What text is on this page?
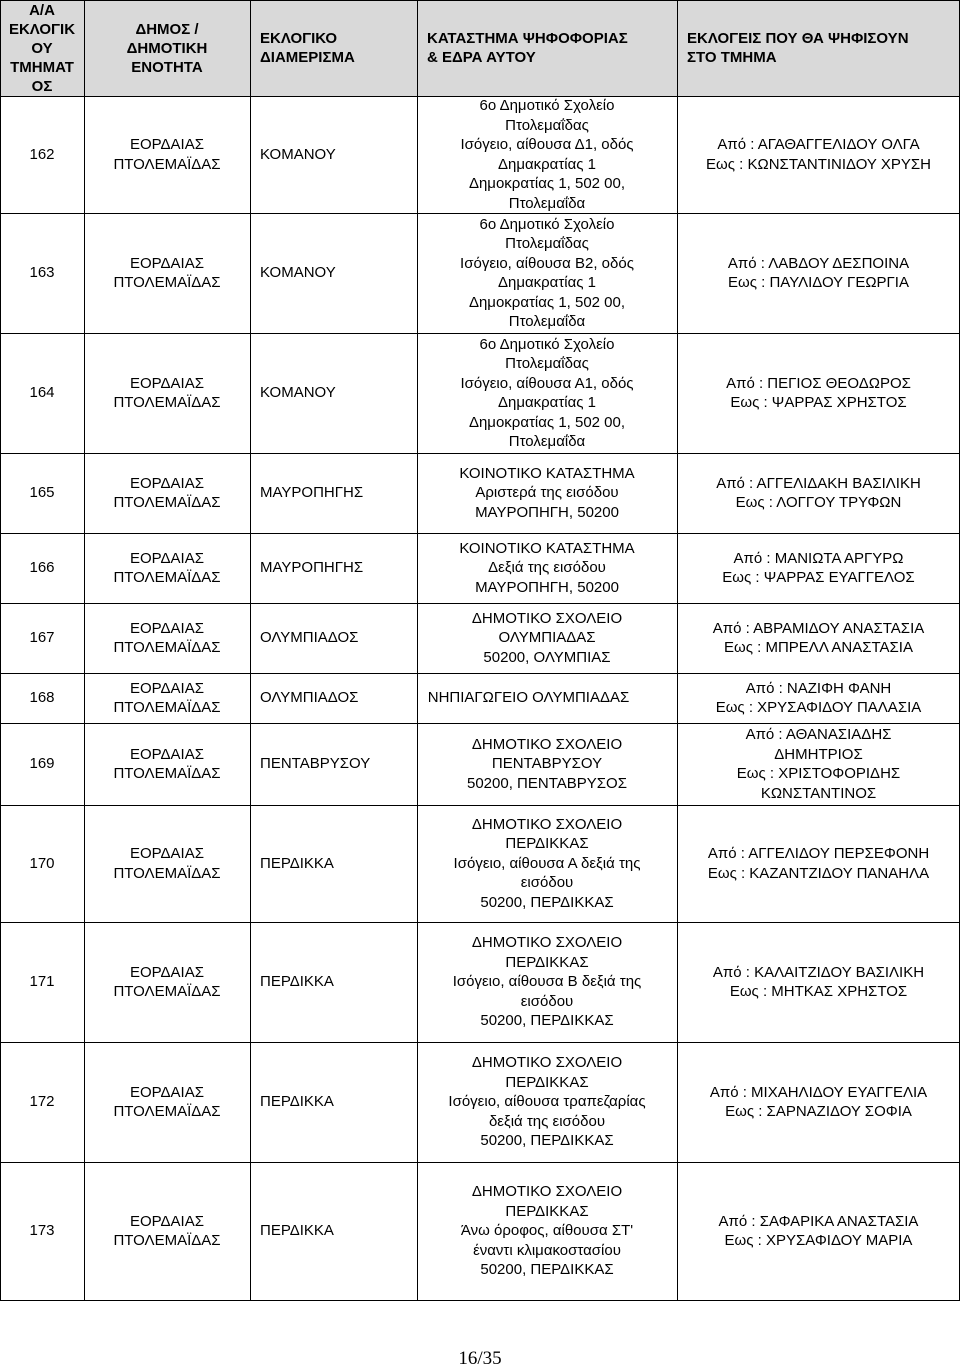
Α/Α
ΕΚΛΟΓΙΚ
ΟΥ
ΤΜΗΜΑΤ
ΟΣ
ΔΗΜΟΣ /
ΔΗΜΟΤΙΚΗ
ΕΝΟΤΗΤΑ
ΕΚΛΟΓΙΚΟ
ΔΙΑΜΕΡΙΣΜΑ
ΚΑΤΑΣΤΗΜΑ ΨΗΦΟΦΟΡΙΑΣ
& ΕΔΡΑ ΑΥΤΟΥ
ΕΚΛΟΓΕΙΣ ΠΟΥ ΘΑ ΨΗΦΙΣΟΥΝ
ΣΤΟ ΤΜΗΜΑ
162
ΕΟΡΔΑΙΑΣ
ΠΤΟΛΕΜΑΪΔΑΣ
ΚΟΜΑΝΟΥ
6ο Δημοτικό Σχολείο
Πτολεμαΐδας
Ισόγειο, αίθουσα Δ1, οδός
Δημακρατίας 1
Δημοκρατίας 1, 502 00,
Πτολεμαΐδα
Από : ΑΓΑΘΑΓΓΕΛΙΔΟΥ ΟΛΓΑ
Εως : ΚΩΝΣΤΑΝΤΙΝΙΔΟΥ ΧΡΥΣΗ
163
ΕΟΡΔΑΙΑΣ
ΠΤΟΛΕΜΑΪΔΑΣ
ΚΟΜΑΝΟΥ
6ο Δημοτικό Σχολείο
Πτολεμαΐδας
Ισόγειο, αίθουσα Β2, οδός
Δημακρατίας 1
Δημοκρατίας 1, 502 00,
Πτολεμαΐδα
Από : ΛΑΒΔΟΥ ΔΕΣΠΟΙΝΑ
Εως : ΠΑΥΛΙΔΟΥ ΓΕΩΡΓΙΑ
164
ΕΟΡΔΑΙΑΣ
ΠΤΟΛΕΜΑΪΔΑΣ
ΚΟΜΑΝΟΥ
6ο Δημοτικό Σχολείο
Πτολεμαΐδας
Ισόγειο, αίθουσα Α1, οδός
Δημακρατίας 1
Δημοκρατίας 1, 502 00,
Πτολεμαΐδα
Από : ΠΕΓΙΟΣ ΘΕΟΔΩΡΟΣ
Εως : ΨΑΡΡΑΣ ΧΡΗΣΤΟΣ
165
ΕΟΡΔΑΙΑΣ
ΠΤΟΛΕΜΑΪΔΑΣ
ΜΑΥΡΟΠΗΓΗΣ
ΚΟΙΝΟΤΙΚΟ ΚΑΤΑΣΤΗΜΑ
Αριστερά της εισόδου
ΜΑΥΡΟΠΗΓΗ, 50200
Από : ΑΓΓΕΛΙΔΑΚΗ ΒΑΣΙΛΙΚΗ
Εως : ΛΟΓΓΟΥ ΤΡΥΦΩΝ
166
ΕΟΡΔΑΙΑΣ
ΠΤΟΛΕΜΑΪΔΑΣ
ΜΑΥΡΟΠΗΓΗΣ
ΚΟΙΝΟΤΙΚΟ ΚΑΤΑΣΤΗΜΑ
Δεξιά της εισόδου
ΜΑΥΡΟΠΗΓΗ, 50200
Από : ΜΑΝΙΩΤΑ ΑΡΓΥΡΩ
Εως : ΨΑΡΡΑΣ ΕΥΑΓΓΕΛΟΣ
167
ΕΟΡΔΑΙΑΣ
ΠΤΟΛΕΜΑΪΔΑΣ
ΟΛΥΜΠΙΑΔΟΣ
ΔΗΜΟΤΙΚΟ ΣΧΟΛΕΙΟ
ΟΛΥΜΠΙΑΔΑΣ
50200, ΟΛΥΜΠΙΑΣ
Από : ΑΒΡΑΜΙΔΟΥ ΑΝΑΣΤΑΣΙΑ
Εως : ΜΠΡΕΛΛ ΑΝΑΣΤΑΣΙΑ
168
ΕΟΡΔΑΙΑΣ
ΠΤΟΛΕΜΑΪΔΑΣ
ΟΛΥΜΠΙΑΔΟΣ	ΝΗΠΙΑΓΩΓΕΙΟ ΟΛΥΜΠΙΑΔΑΣ
Από : ΝΑΖΙΦΗ ΦΑΝΗ
Εως : ΧΡΥΣΑΦΙΔΟΥ ΠΑΛΑΣΙΑ
169
ΕΟΡΔΑΙΑΣ
ΠΤΟΛΕΜΑΪΔΑΣ
ΠΕΝΤΑΒΡΥΣΟΥ
ΔΗΜΟΤΙΚΟ ΣΧΟΛΕΙΟ
ΠΕΝΤΑΒΡΥΣΟΥ
50200, ΠΕΝΤΑΒΡΥΣΟΣ
Από : ΑΘΑΝΑΣΙΑΔΗΣ
ΔΗΜΗΤΡΙΟΣ
Εως : ΧΡΙΣΤΟΦΟΡΙΔΗΣ
ΚΩΝΣΤΑΝΤΙΝΟΣ
170
ΕΟΡΔΑΙΑΣ
ΠΤΟΛΕΜΑΪΔΑΣ
ΠΕΡΔΙΚΚΑ
ΔΗΜΟΤΙΚΟ ΣΧΟΛΕΙΟ
ΠΕΡΔΙΚΚΑΣ
Ισόγειο, αίθουσα Α δεξιά της
εισόδου
50200, ΠΕΡΔΙΚΚΑΣ
Από : ΑΓΓΕΛΙΔΟΥ ΠΕΡΣΕΦΟΝΗ
Εως : ΚΑΖΑΝΤΖΙΔΟΥ ΠΑΝΑΗΛΑ
171
ΕΟΡΔΑΙΑΣ
ΠΤΟΛΕΜΑΪΔΑΣ
ΠΕΡΔΙΚΚΑ
ΔΗΜΟΤΙΚΟ ΣΧΟΛΕΙΟ
ΠΕΡΔΙΚΚΑΣ
Ισόγειο, αίθουσα Β δεξιά της
εισόδου
50200, ΠΕΡΔΙΚΚΑΣ
Από : ΚΑΛΑΙΤΖΙΔΟΥ ΒΑΣΙΛΙΚΗ
Εως : ΜΗΤΚΑΣ ΧΡΗΣΤΟΣ
172
ΕΟΡΔΑΙΑΣ
ΠΤΟΛΕΜΑΪΔΑΣ
ΠΕΡΔΙΚΚΑ
ΔΗΜΟΤΙΚΟ ΣΧΟΛΕΙΟ
ΠΕΡΔΙΚΚΑΣ
Ισόγειο, αίθουσα τραπεζαρίας
δεξιά της εισόδου
50200, ΠΕΡΔΙΚΚΑΣ
Από : ΜΙΧΑΗΛΙΔΟΥ ΕΥΑΓΓΕΛΙΑ
Εως : ΣΑΡΝΑΖΙΔΟΥ ΣΟΦΙΑ
173
ΕΟΡΔΑΙΑΣ
ΠΤΟΛΕΜΑΪΔΑΣ
ΠΕΡΔΙΚΚΑ
ΔΗΜΟΤΙΚΟ ΣΧΟΛΕΙΟ
ΠΕΡΔΙΚΚΑΣ
Άνω όροφος, αίθουσα ΣΤ'
έναντι κλιμακοστασίου
50200, ΠΕΡΔΙΚΚΑΣ
Από : ΣΑΦΑΡΙΚΑ ΑΝΑΣΤΑΣΙΑ
Εως : ΧΡΥΣΑΦΙΔΟΥ ΜΑΡΙΑ
16/35
